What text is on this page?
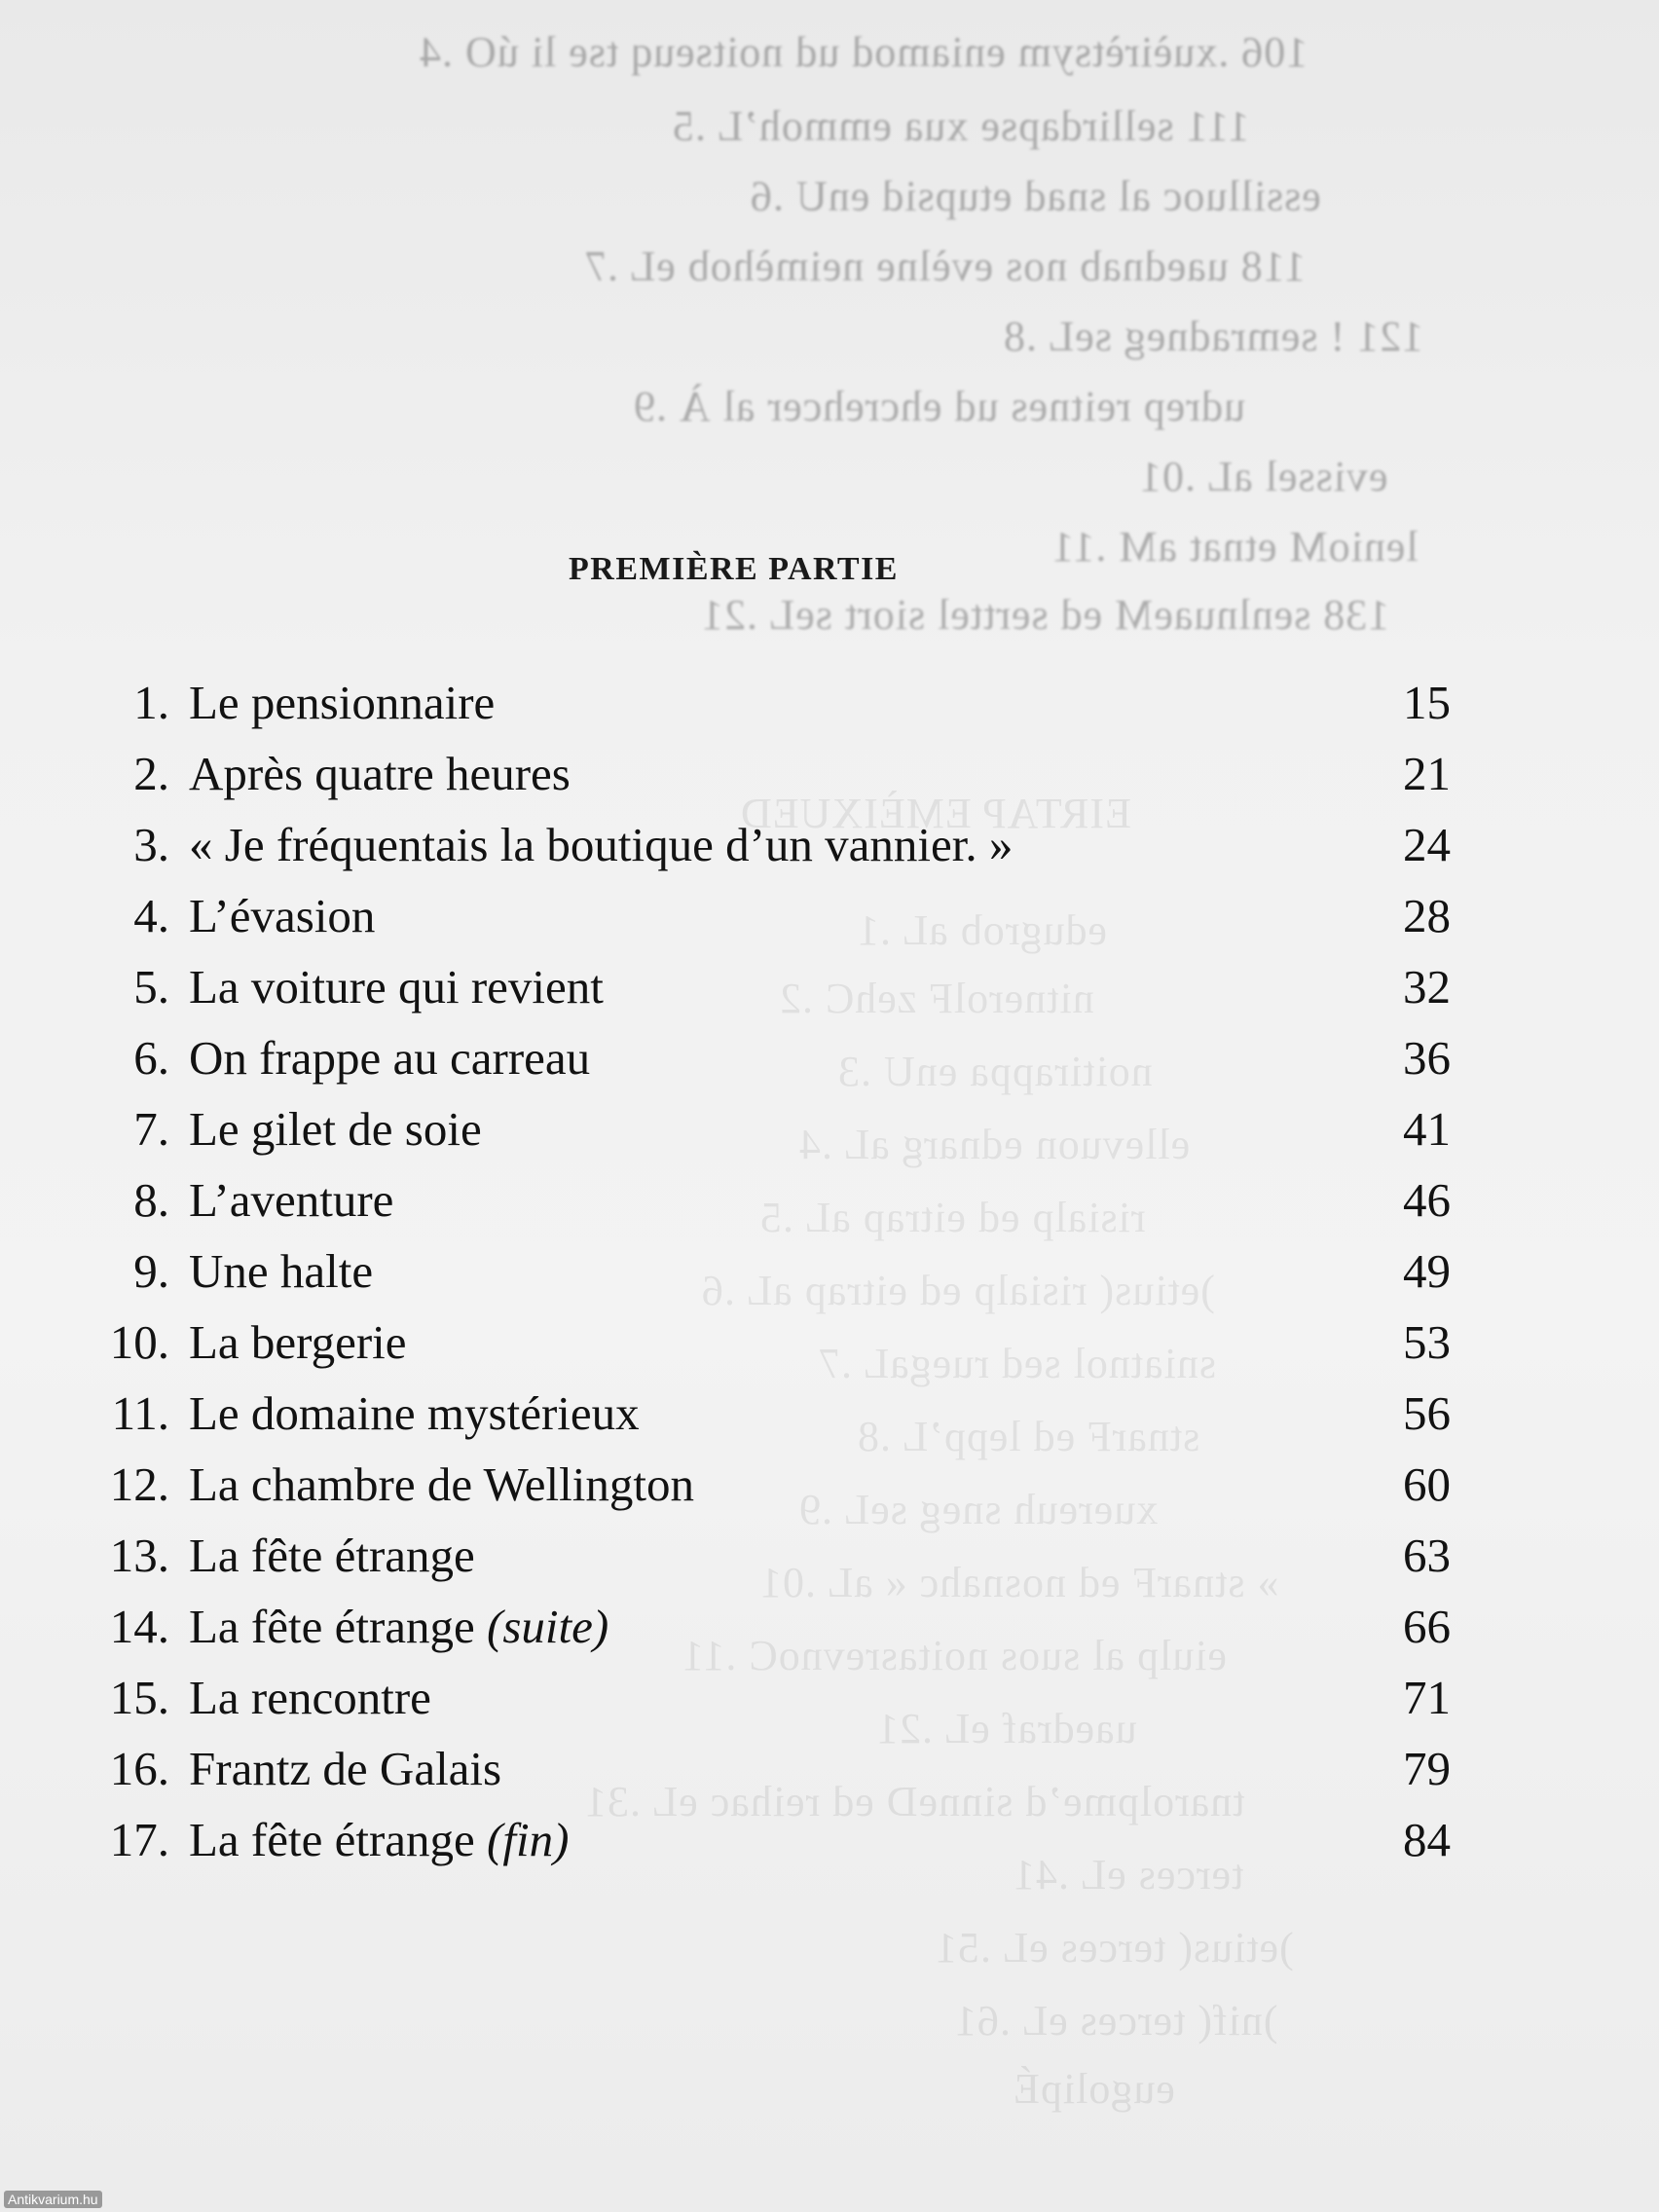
106 .xuèirètsym eniamod ud noitseuq tse li úO .4
111 sellirdapse xua emmoh’L .5
essilluoc al snad etupsid enU .6
118 uaednab nos evèlne neimèhob eL .7
121 ! semradneg seL .8
udrep reitnes ud ehcrehcer al À .9
evissel aL .01
lenioM etnat aM .11
138 senlnuaeM ed serttel siort seL .21
EIRTAP EMÈIXUED
edugrob aL .1
nitnerolF zehC .2
noitirappa enU .3
ellevuon ednarg aL .4
risialp ed eitrap aL .5
)etius( risialp ed eitrap aL .6
sniatnol sed ruegaL .7
stnarF ed lepp’L .8
xuereuh sneg seL .9
» stnarF ed nosnahc « aL .01
eiulp al suos noitasrevnoC .11
uaedraf eL .21
tnarolpme’d sinneD ed reihac eL .31
terces eL .41
)etius( terces eL .51
)nif( terces eL .61
eugolipÉ
PREMIÈRE PARTIE
1. Le pensionnaire	15
2. Après quatre heures	21
3. « Je fréquentais la boutique d’un vannier. »	24
4. L’évasion	28
5. La voiture qui revient	32
6. On frappe au carreau	36
7. Le gilet de soie	41
8. L’aventure	46
9. Une halte	49
10. La bergerie	53
11. Le domaine mystérieux	56
12. La chambre de Wellington	60
13. La fête étrange	63
14. La fête étrange (suite)	66
15. La rencontre	71
16. Frantz de Galais	79
17. La fête étrange (fin)	84
Antikvarium.hu
